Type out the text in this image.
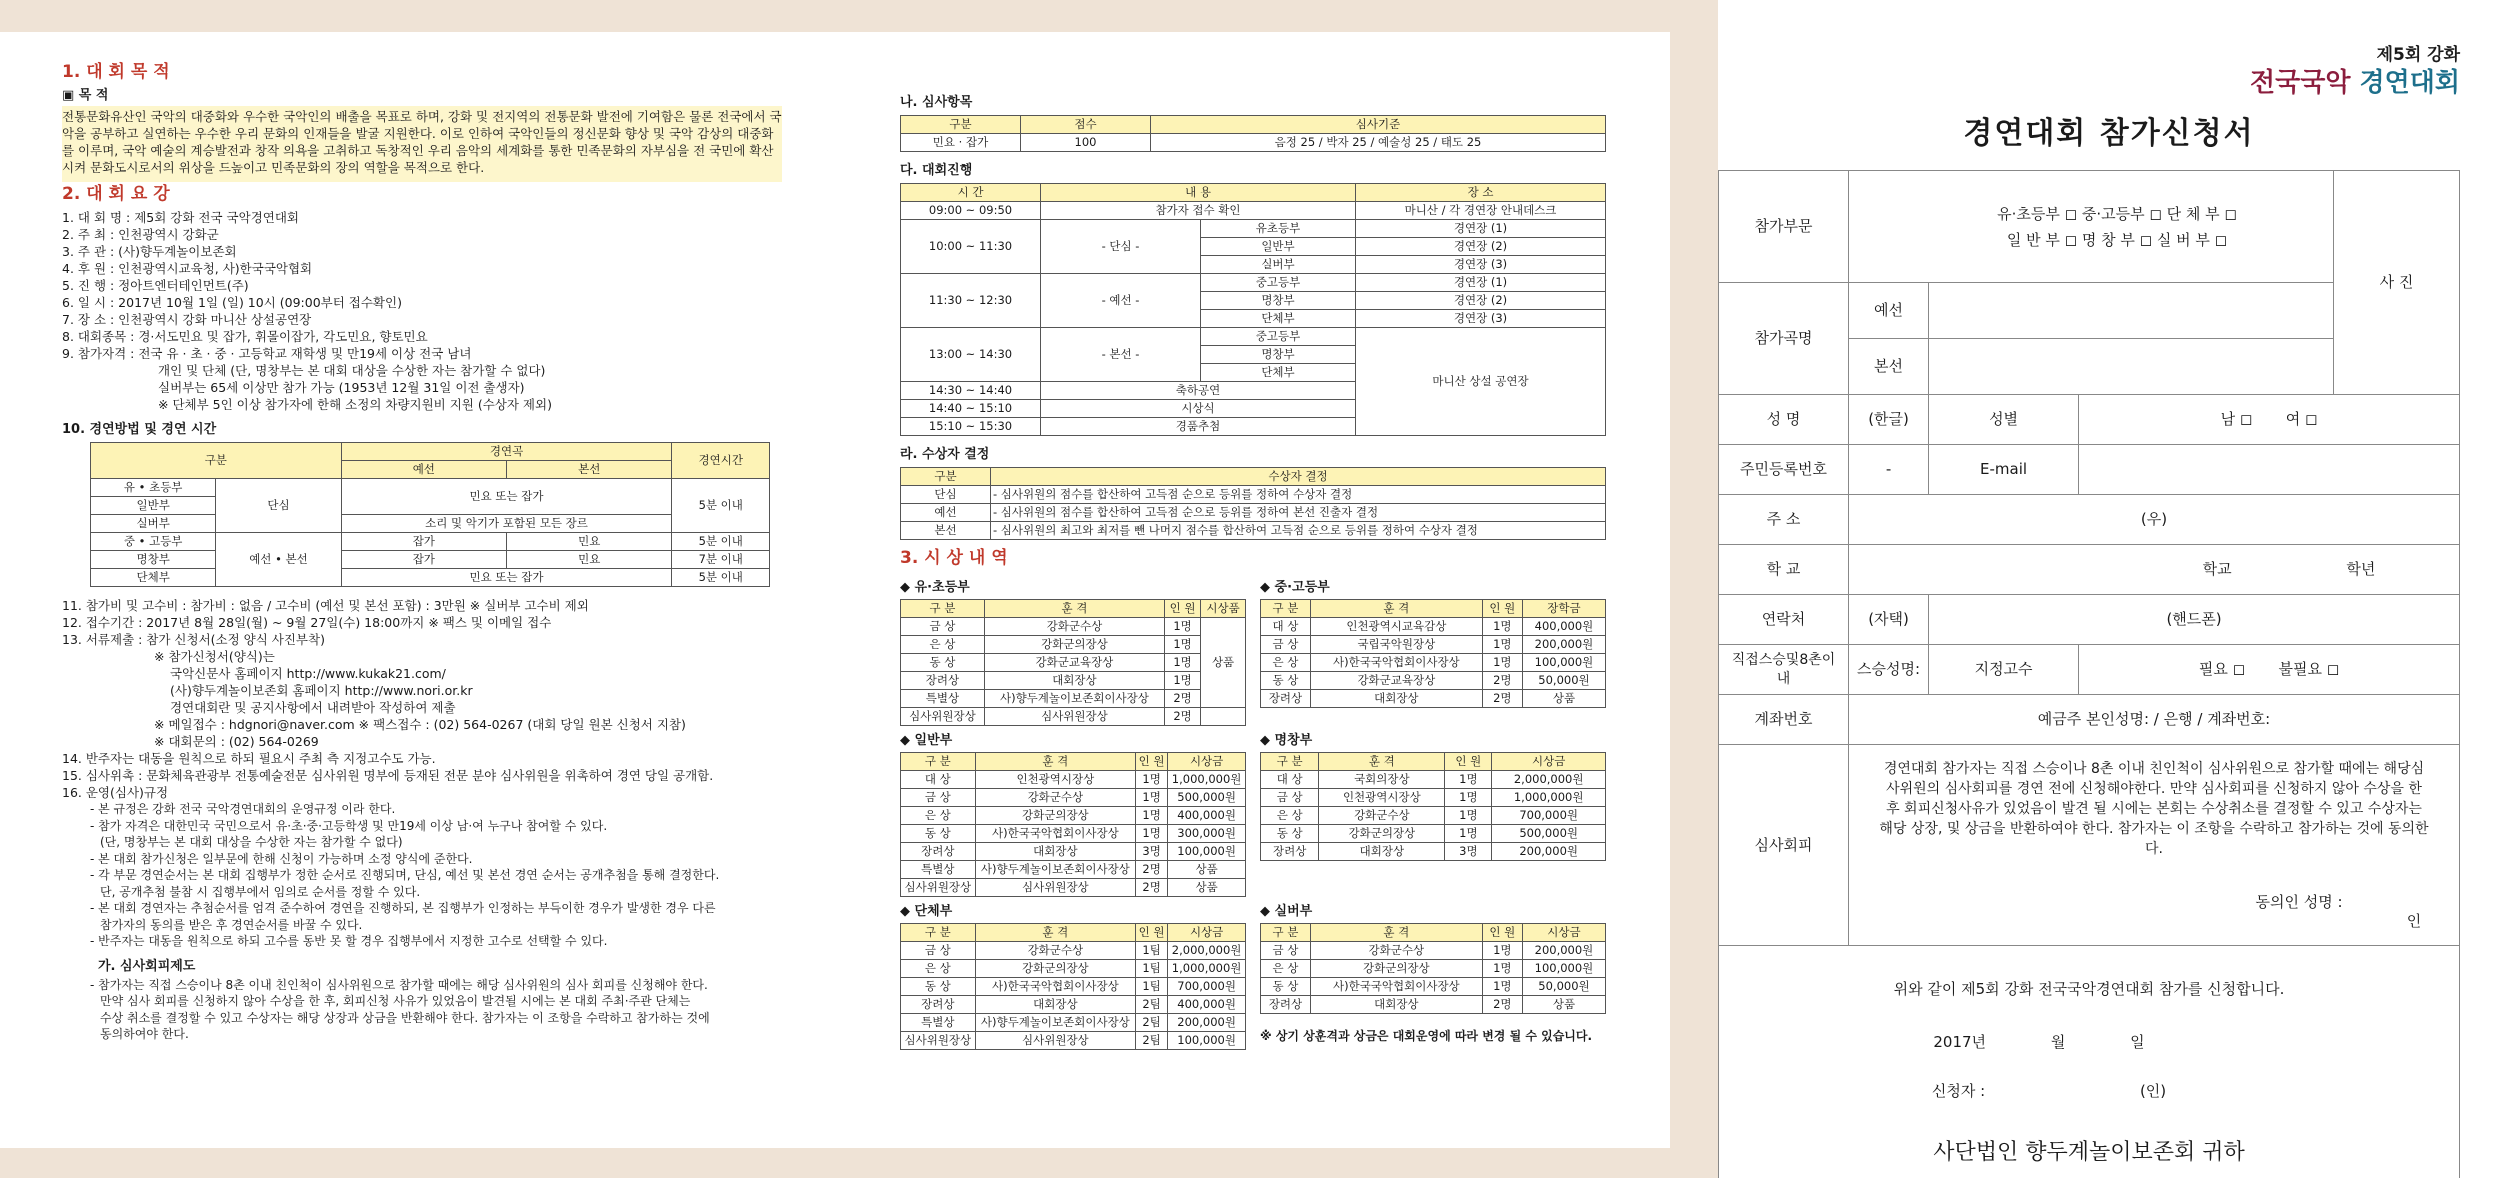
1. 대 회 목 적
▣ 목 적

전통문화유산인 국악의 대중화와 우수한 국악인의 배출을 목표로 하며, 강화 및 전지역의 전통문화 발전에 기여함은 물론 전국에서 국악을 공부하고 실연하는 우수한 우리 문화의 인재들을 발굴 지원한다. 이로 인하여 국악인들의 정신문화 향상 및 국악 감상의 대중화를 이루며, 국악 예술의 계승발전과 창작 의욕을 고취하고 독창적인 우리 음악의 세계화를 통한 민족문화의 자부심을 전 국민에 확산시켜 문화도시로서의 위상을 드높이고 민족문화의 장의 역할을 목적으로 한다.

2. 대 회 요 강
1. 대 회 명 : 제5회 강화 전국 국악경연대회
2. 주 최 : 인천광역시 강화군
3. 주 관 : (사)향두계놀이보존회
4. 후 원 : 인천광역시교육청, 사)한국국악협회
5. 진 행 : 정아트엔터테인먼트(주)
6. 일 시 : 2017년 10월 1일 (일) 10시 (09:00부터 접수확인)
7. 장 소 : 인천광역시 강화 마니산 상설공연장
8. 대회종목 : 경·서도민요 및 잡가, 휘몰이잡가, 각도민요, 향토민요
9. 참가자격 : 전국 유 · 초 · 중 · 고등학교 재학생 및 만19세 이상 전국 남녀
개인 및 단체 (단, 명창부는 본 대회 대상을 수상한 자는 참가할 수 없다)
실버부는 65세 이상만 참가 가능 (1953년 12월 31일 이전 출생자)
※ 단체부 5인 이상 참가자에 한해 소정의 차량지원비 지원 (수상자 제외)
10. 경연방법 및 경연 시간
구분		경연곡		경연시간
		예선	본선	
유 • 초등부	단심	민요 또는 잡가		5분 이내
일반부				
실버부		소리 및 악기가 포함된 모든 장르		
중 • 고등부	예선 • 본선	잡가	민요	5분 이내
명창부		잡가	민요	7분 이내
단체부		민요 또는 잡가		5분 이내
11. 참가비 및 고수비 : 참가비 : 없음 / 고수비 (예선 및 본선 포함) : 3만원 ※ 실버부 고수비 제외
12. 접수기간 : 2017년 8월 28일(월) ~ 9월 27일(수) 18:00까지 ※ 팩스 및 이메일 접수
13. 서류제출 : 참가 신청서(소정 양식 사진부착)
※ 참가신청서(양식)는
국악신문사 홈페이지 http://www.kukak21.com/
(사)향두계놀이보존회 홈페이지 http://www.nori.or.kr
경연대회란 및 공지사항에서 내려받아 작성하여 제출
※ 메일접수 : hdgnori@naver.com ※ 팩스접수 : (02) 564-0267 (대회 당일 원본 신청서 지참)
※ 대회문의 : (02) 564-0269
14. 반주자는 대동을 원칙으로 하되 필요시 주최 측 지정고수도 가능.
15. 심사위촉 : 문화체육관광부 전통예술전문 심사위원 명부에 등재된 전문 분야 심사위원을 위촉하여 경연 당일 공개함.
16. 운영(심사)규정
- 본 규정은 강화 전국 국악경연대회의 운영규정 이라 한다.
- 참가 자격은 대한민국 국민으로서 유·초·중·고등학생 및 만19세 이상 남·여 누구나 참여할 수 있다.
(단, 명창부는 본 대회 대상을 수상한 자는 참가할 수 없다)
- 본 대회 참가신청은 일부문에 한해 신청이 가능하며 소정 양식에 준한다.
- 각 부문 경연순서는 본 대회 집행부가 정한 순서로 진행되며, 단심, 예선 및 본선 경연 순서는 공개추첨을 통해 결정한다.
단, 공개추첨 불참 시 집행부에서 임의로 순서를 정할 수 있다.
- 본 대회 경연자는 추첨순서를 엄격 준수하여 경연을 진행하되, 본 집행부가 인정하는 부득이한 경우가 발생한 경우 다른
참가자의 동의를 받은 후 경연순서를 바꿀 수 있다.
- 반주자는 대동을 원칙으로 하되 고수를 동반 못 할 경우 집행부에서 지정한 고수로 선택할 수 있다.
가. 심사회피제도
- 참가자는 직접 스승이나 8촌 이내 친인척이 심사위원으로 참가할 때에는 해당 심사위원의 심사 회피를 신청해야 한다.
만약 심사 회피를 신청하지 않아 수상을 한 후, 회피신청 사유가 있었음이 발견될 시에는 본 대회 주최·주관 단체는
수상 취소를 결정할 수 있고 수상자는 해당 상장과 상금을 반환해야 한다. 참가자는 이 조항을 수락하고 참가하는 것에
동의하여야 한다.
나. 심사항목
구분	점수	심사기준
민요 · 잡가	100	음정 25 / 박자 25 / 예술성 25 / 태도 25
다. 대회진행
시 간	내 용		장 소
09:00 ~ 09:50	참가자 접수 확인		마니산 / 각 경연장 안내데스크
10:00 ~ 11:30	- 단심 -	유초등부	경연장 (1)
		일반부	경연장 (2)
		실버부	경연장 (3)
11:30 ~ 12:30	- 예선 -	중고등부	경연장 (1)
		명창부	경연장 (2)
		단체부	경연장 (3)
13:00 ~ 14:30	- 본선 -	중고등부	마니산 상설 공연장
		명창부	
		단체부	
14:30 ~ 14:40	축하공연		
14:40 ~ 15:10	시상식		
15:10 ~ 15:30	경품추첨		
라. 수상자 결정
구분	수상자 결정
단심	- 심사위원의 점수를 합산하여 고득점 순으로 등위를 정하여 수상자 결정
예선	- 심사위원의 점수를 합산하여 고득점 순으로 등위를 정하여 본선 진출자 결정
본선	- 심사위원의 최고와 최저를 뺀 나머지 점수를 합산하여 고득점 순으로 등위를 정하여 수상자 결정
3. 시 상 내 역
◆ 유·초등부
구 분	훈 격	인 원	시상품
금 상	강화군수상	1명	상품
은 상	강화군의장상	1명	
동 상	강화군교육장상	1명	
장려상	대회장상	1명	
특별상	사)향두계놀이보존회이사장상	2명	
심사위원장상	심사위원장상	2명	
◆ 중·고등부
구 분	훈 격	인 원	장학금
대 상	인천광역시교육감상	1명	400,000원
금 상	국립국악원장상	1명	200,000원
은 상	사)한국국악협회이사장상	1명	100,000원
동 상	강화군교육장상	2명	50,000원
장려상	대회장상	2명	상품
◆ 일반부
구 분	훈 격	인 원	시상금
대 상	인천광역시장상	1명	1,000,000원
금 상	강화군수상	1명	500,000원
은 상	강화군의장상	1명	400,000원
동 상	사)한국국악협회이사장상	1명	300,000원
장려상	대회장상	3명	100,000원
특별상	사)향두계놀이보존회이사장상	2명	상품
심사위원장상	심사위원장상	2명	상품
◆ 명창부
구 분	훈 격	인 원	시상금
대 상	국회의장상	1명	2,000,000원
금 상	인천광역시장상	1명	1,000,000원
은 상	강화군수상	1명	700,000원
동 상	강화군의장상	1명	500,000원
장려상	대회장상	3명	200,000원
◆ 단체부
구 분	훈 격	인 원	시상금
금 상	강화군수상	1팀	2,000,000원
은 상	강화군의장상	1팀	1,000,000원
동 상	사)한국국악협회이사장상	1팀	700,000원
장려상	대회장상	2팀	400,000원
특별상	사)향두계놀이보존회이사장상	2팀	200,000원
심사위원장상	심사위원장상	2팀	100,000원
◆ 실버부
구 분	훈 격	인 원	시상금
금 상	강화군수상	1명	200,000원
은 상	강화군의장상	1명	100,000원
동 상	사)한국국악협회이사장상	1명	50,000원
장려상	대회장상	2명	상품
※ 상기 상훈격과 상금은 대회운영에 따라 변경 될 수 있습니다.
제5회 강화
전국국악 경연대회
경연대회 참가신청서
참가부문	유·초등부 ◻ 중·고등부 ◻ 단 체 부 ◻
일 반 부 ◻ 명 창 부 ◻ 실 버 부 ◻			사 진
참가곡명	예선			
	본선			
성 명	(한글)	성별	남 ◻ 여 ◻	
주민등록번호	-	E-mail		
주 소	(우)			
학 교	학교 학년			
연락처	(자택)	(핸드폰)		
직접스승및8촌이내	스승성명:	지정고수	필요 ◻ 불필요 ◻	
계좌번호	예금주 본인성명: / 은행 / 계좌번호:			
심사회피	경연대회 참가자는 직접 스승이나 8촌 이내 친인척이 심사위원으로 참가할 때에는 해당심사위원의 심사회피를 경연 전에 신청해야한다. 만약 심사회피를 신청하지 않아 수상을 한 후 회피신청사유가 있었음이 발견 될 시에는 본회는 수상취소를 결정할 수 있고 수상자는 해당 상장, 및 상금을 반환하여야 한다. 참가자는 이 조항을 수락하고 참가하는 것에 동의한다.
동의인 성명 : 인			

위와 같이 제5회 강화 전국국악경연대회 참가를 신청합니다.
2017년 월 일
신청자 : (인)
사단법인 향두계놀이보존회 귀하				
